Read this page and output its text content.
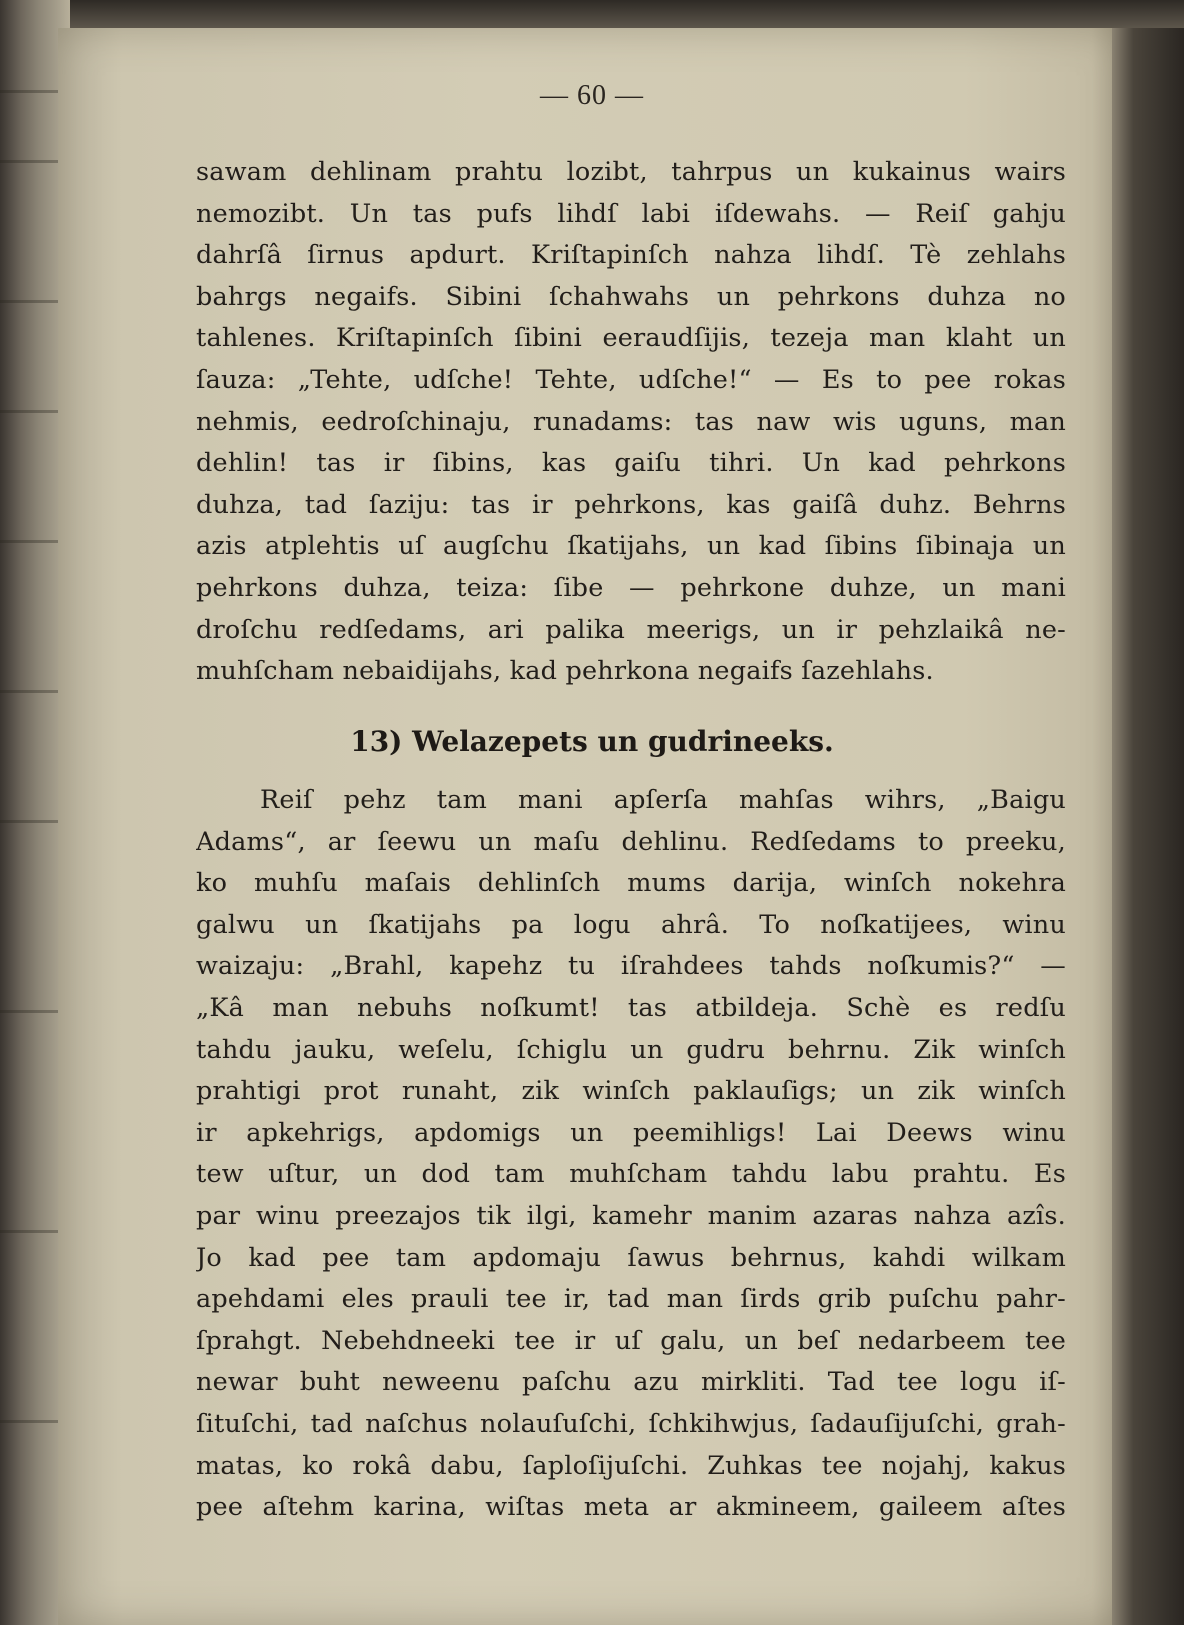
— 60 —
sawam dehlinam prahtu lozibt, tahrpus un kukainus wairs
nemozibt. Un tas pufs lihdſ labi iſdewahs. — Reiſ gahju
dahrſâ ſirnus apdurt. Kriſtapinſch nahza lihdſ. Tè zehlahs
bahrgs negaifs. Sibini ſchahwahs un pehrkons duhza no
tahlenes. Kriſtapinſch ſibini eeraudſijis, tezeja man klaht un
ſauza: „Tehte, udſche! Tehte, udſche!“ — Es to pee rokas
nehmis, eedroſchinaju, runadams: tas naw wis uguns, man
dehlin! tas ir ſibins, kas gaiſu tihri. Un kad pehrkons
duhza, tad ſaziju: tas ir pehrkons, kas gaiſâ duhz. Behrns
azis atplehtis uſ augſchu ſkatijahs, un kad ſibins ſibinaja un
pehrkons duhza, teiza: ſibe — pehrkone duhze, un mani
droſchu redſedams, ari palika meerigs, un ir pehzlaikâ ne-
muhſcham nebaidijahs, kad pehrkona negaifs ſazehlahs.
13) Welazepets un gudrineeks.
Reiſ pehz tam mani apſerſa mahſas wihrs, „Baigu
Adams“, ar ſeewu un maſu dehlinu. Redſedams to preeku,
ko muhſu maſais dehlinſch mums darija, winſch nokehra
galwu un ſkatijahs pa logu ahrâ. To noſkatijees, winu
waizaju: „Brahl, kapehz tu iſrahdees tahds noſkumis?“ —
„Kâ man nebuhs noſkumt! tas atbildeja. Schè es redſu
tahdu jauku, weſelu, ſchiglu un gudru behrnu. Zik winſch
prahtigi prot runaht, zik winſch paklauſigs; un zik winſch
ir apkehrigs, apdomigs un peemihligs! Lai Deews winu
tew uſtur, un dod tam muhſcham tahdu labu prahtu. Es
par winu preezajos tik ilgi, kamehr manim azaras nahza azîs.
Jo kad pee tam apdomaju ſawus behrnus, kahdi wilkam
apehdami eles prauli tee ir, tad man ſirds grib puſchu pahr-
ſprahgt. Nebehdneeki tee ir uſ galu, un beſ nedarbeem tee
newar buht neweenu paſchu azu mirkliti. Tad tee logu iſ-
ſituſchi, tad naſchus nolauſuſchi, ſchkihwjus, ſadauſijuſchi, grah-
matas, ko rokâ dabu, ſaploſijuſchi. Zuhkas tee nojahj, kakus
pee aſtehm karina, wiſtas meta ar akmineem, gaileem aſtes
